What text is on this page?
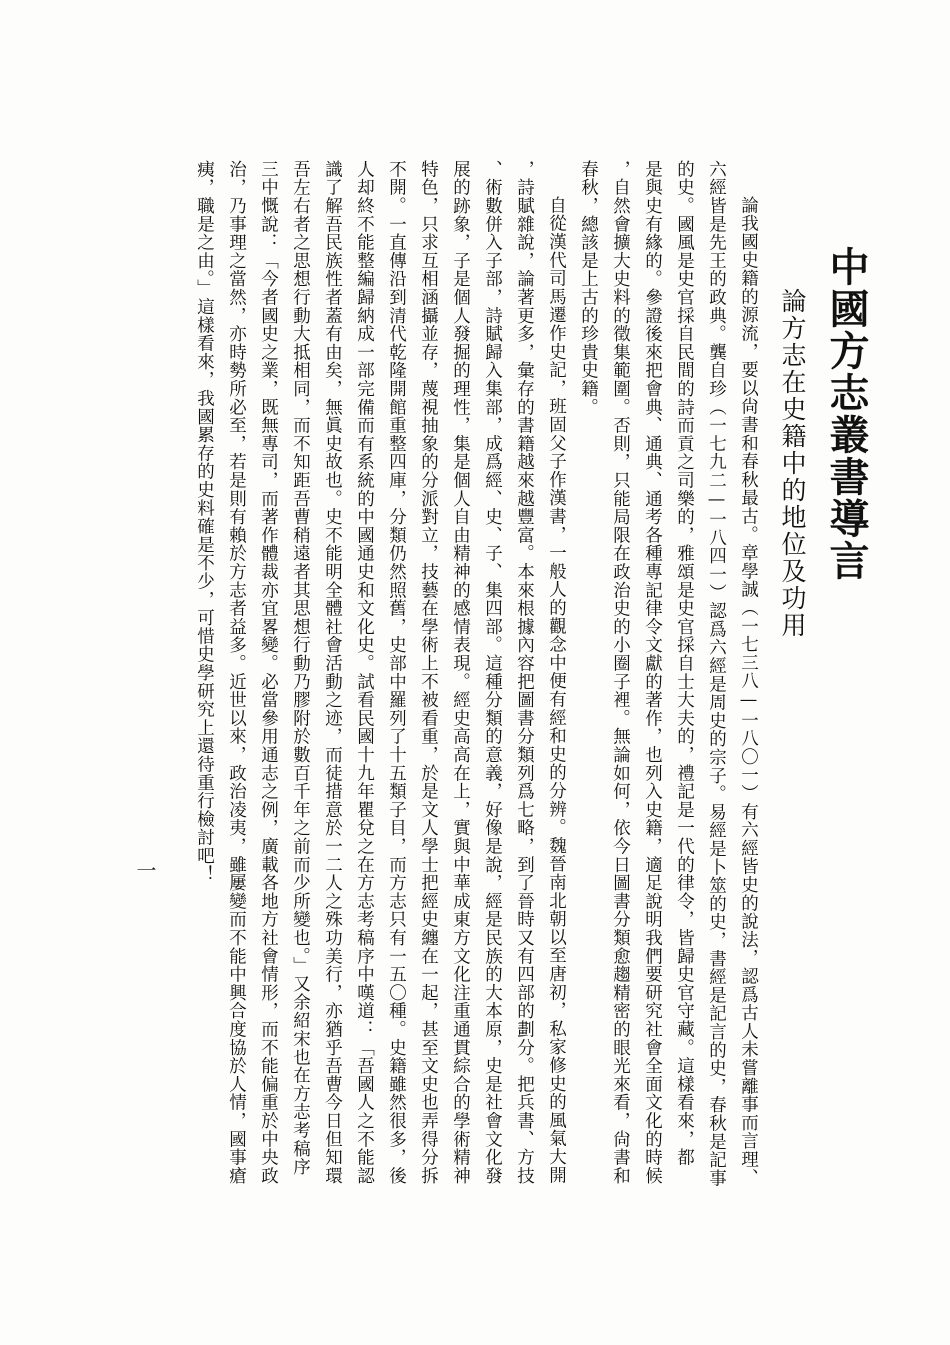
中國方志叢書導言
論方志在史籍中的地位及功用
論我國史籍的源流，要以尙書和春秋最古。章學誠（一七三八—一八〇一）有六經皆史的說法，認爲古人未嘗離事而言理、
六經皆是先王的政典。龔自珍（一七九二—一八四一）認爲六經是周史的宗子。易經是卜筮的史，書經是記言的史，春秋是記事
的史。國風是史官採自民間的詩而貢之司樂的，雅頌是史官採自士大夫的，禮記是一代的律令，皆歸史官守藏。這樣看來，都
是與史有緣的。參證後來把會典、通典、通考各種專記律令文獻的著作，也列入史籍，適足說明我們要研究社會全面文化的時候
，自然會擴大史料的徵集範圍。否則，只能局限在政治史的小圈子裡。無論如何，依今日圖書分類愈趨精密的眼光來看，尙書和
春秋，總該是上古的珍貴史籍。
自從漢代司馬遷作史記，班固父子作漢書，一般人的觀念中便有經和史的分辨。魏晉南北朝以至唐初，私家修史的風氣大開
，詩賦雜說，論著更多，彙存的書籍越來越豐富。本來根據內容把圖書分類列爲七略，到了晉時又有四部的劃分。把兵書、方技
、術數併入子部，詩賦歸入集部，成爲經、史、子、集四部。這種分類的意義，好像是說，經是民族的大本原，史是社會文化發
展的跡象，子是個人發掘的理性，集是個人自由精神的感情表現。經史高高在上，實與中華成東方文化注重通貫綜合的學術精神
特色，只求互相涵攝並存，蔑視抽象的分派對立，技藝在學術上不被看重，於是文人學士把經史纏在一起，甚至文史也弄得分拆
不開。一直傳沿到清代乾隆開館重整四庫，分類仍然照舊，史部中羅列了十五類子目，而方志只有一五〇種。史籍雖然很多，後
人却終不能整編歸納成一部完備而有系統的中國通史和文化史。試看民國十九年瞿兌之在方志考稿序中嘆道：「吾國人之不能認
識了解吾民族性者蓋有由矣，無眞史故也。史不能明全體社會活動之迹，而徒措意於一二人之殊功美行，亦猶乎吾曹今日但知環
吾左右者之思想行動大抵相同，而不知距吾曹稍遠者其思想行動乃膠附於數百千年之前而少所變也。」又余紹宋也在方志考稿序
三中慨說：「今者國史之業，既無專司，而著作體裁亦宜畧變。必當參用通志之例，廣載各地方社會情形，而不能偏重於中央政
治，乃事理之當然，亦時勢所必至，若是則有賴於方志者益多。近世以來，政治凌夷，雖屢變而不能中興合度協於人情，國事瘡
痍，職是之由。」這樣看來，我國累存的史料確是不少，可惜史學研究上還待重行檢討吧！
一
